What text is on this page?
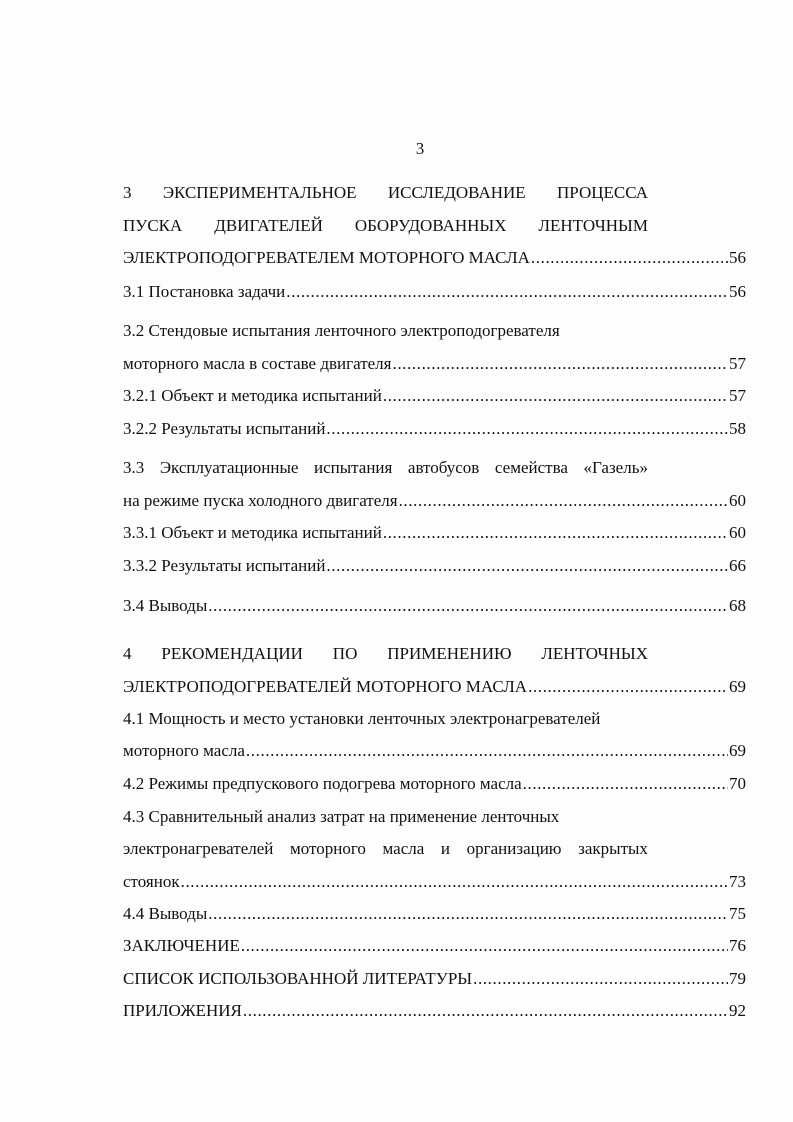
3
3 ЭКСПЕРИМЕНТАЛЬНОЕ ИССЛЕДОВАНИЕ ПРОЦЕССА
ПУСКА ДВИГАТЕЛЕЙ ОБОРУДОВАННЫХ ЛЕНТОЧНЫМ
ЭЛЕКТРОПОДОГРЕВАТЕЛЕМ МОТОРНОГО МАСЛА .....	56
3.1 Постановка задачи .....	56
3.2 Стендовые испытания ленточного электроподогревателя
моторного масла в составе двигателя .....	57
3.2.1 Объект и методика испытаний .....	57
3.2.2 Результаты испытаний .....	58
3.3 Эксплуатационные испытания автобусов семейства «Газель»
на режиме пуска холодного двигателя .....	60
3.3.1 Объект и методика испытаний .....	60
3.3.2 Результаты испытаний .....	66
3.4 Выводы .....	68
4 РЕКОМЕНДАЦИИ ПО ПРИМЕНЕНИЮ ЛЕНТОЧНЫХ
ЭЛЕКТРОПОДОГРЕВАТЕЛЕЙ МОТОРНОГО МАСЛА .....	69
4.1 Мощность и место установки ленточных электронагревателей
моторного масла .....	69
4.2 Режимы предпускового подогрева моторного масла .....	70
4.3 Сравнительный анализ затрат на применение ленточных
электронагревателей моторного масла и организацию закрытых
стоянок .....	73
4.4 Выводы .....	75
ЗАКЛЮЧЕНИЕ .....	76
СПИСОК ИСПОЛЬЗОВАННОЙ ЛИТЕРАТУРЫ .....	79
ПРИЛОЖЕНИЯ .....	92
